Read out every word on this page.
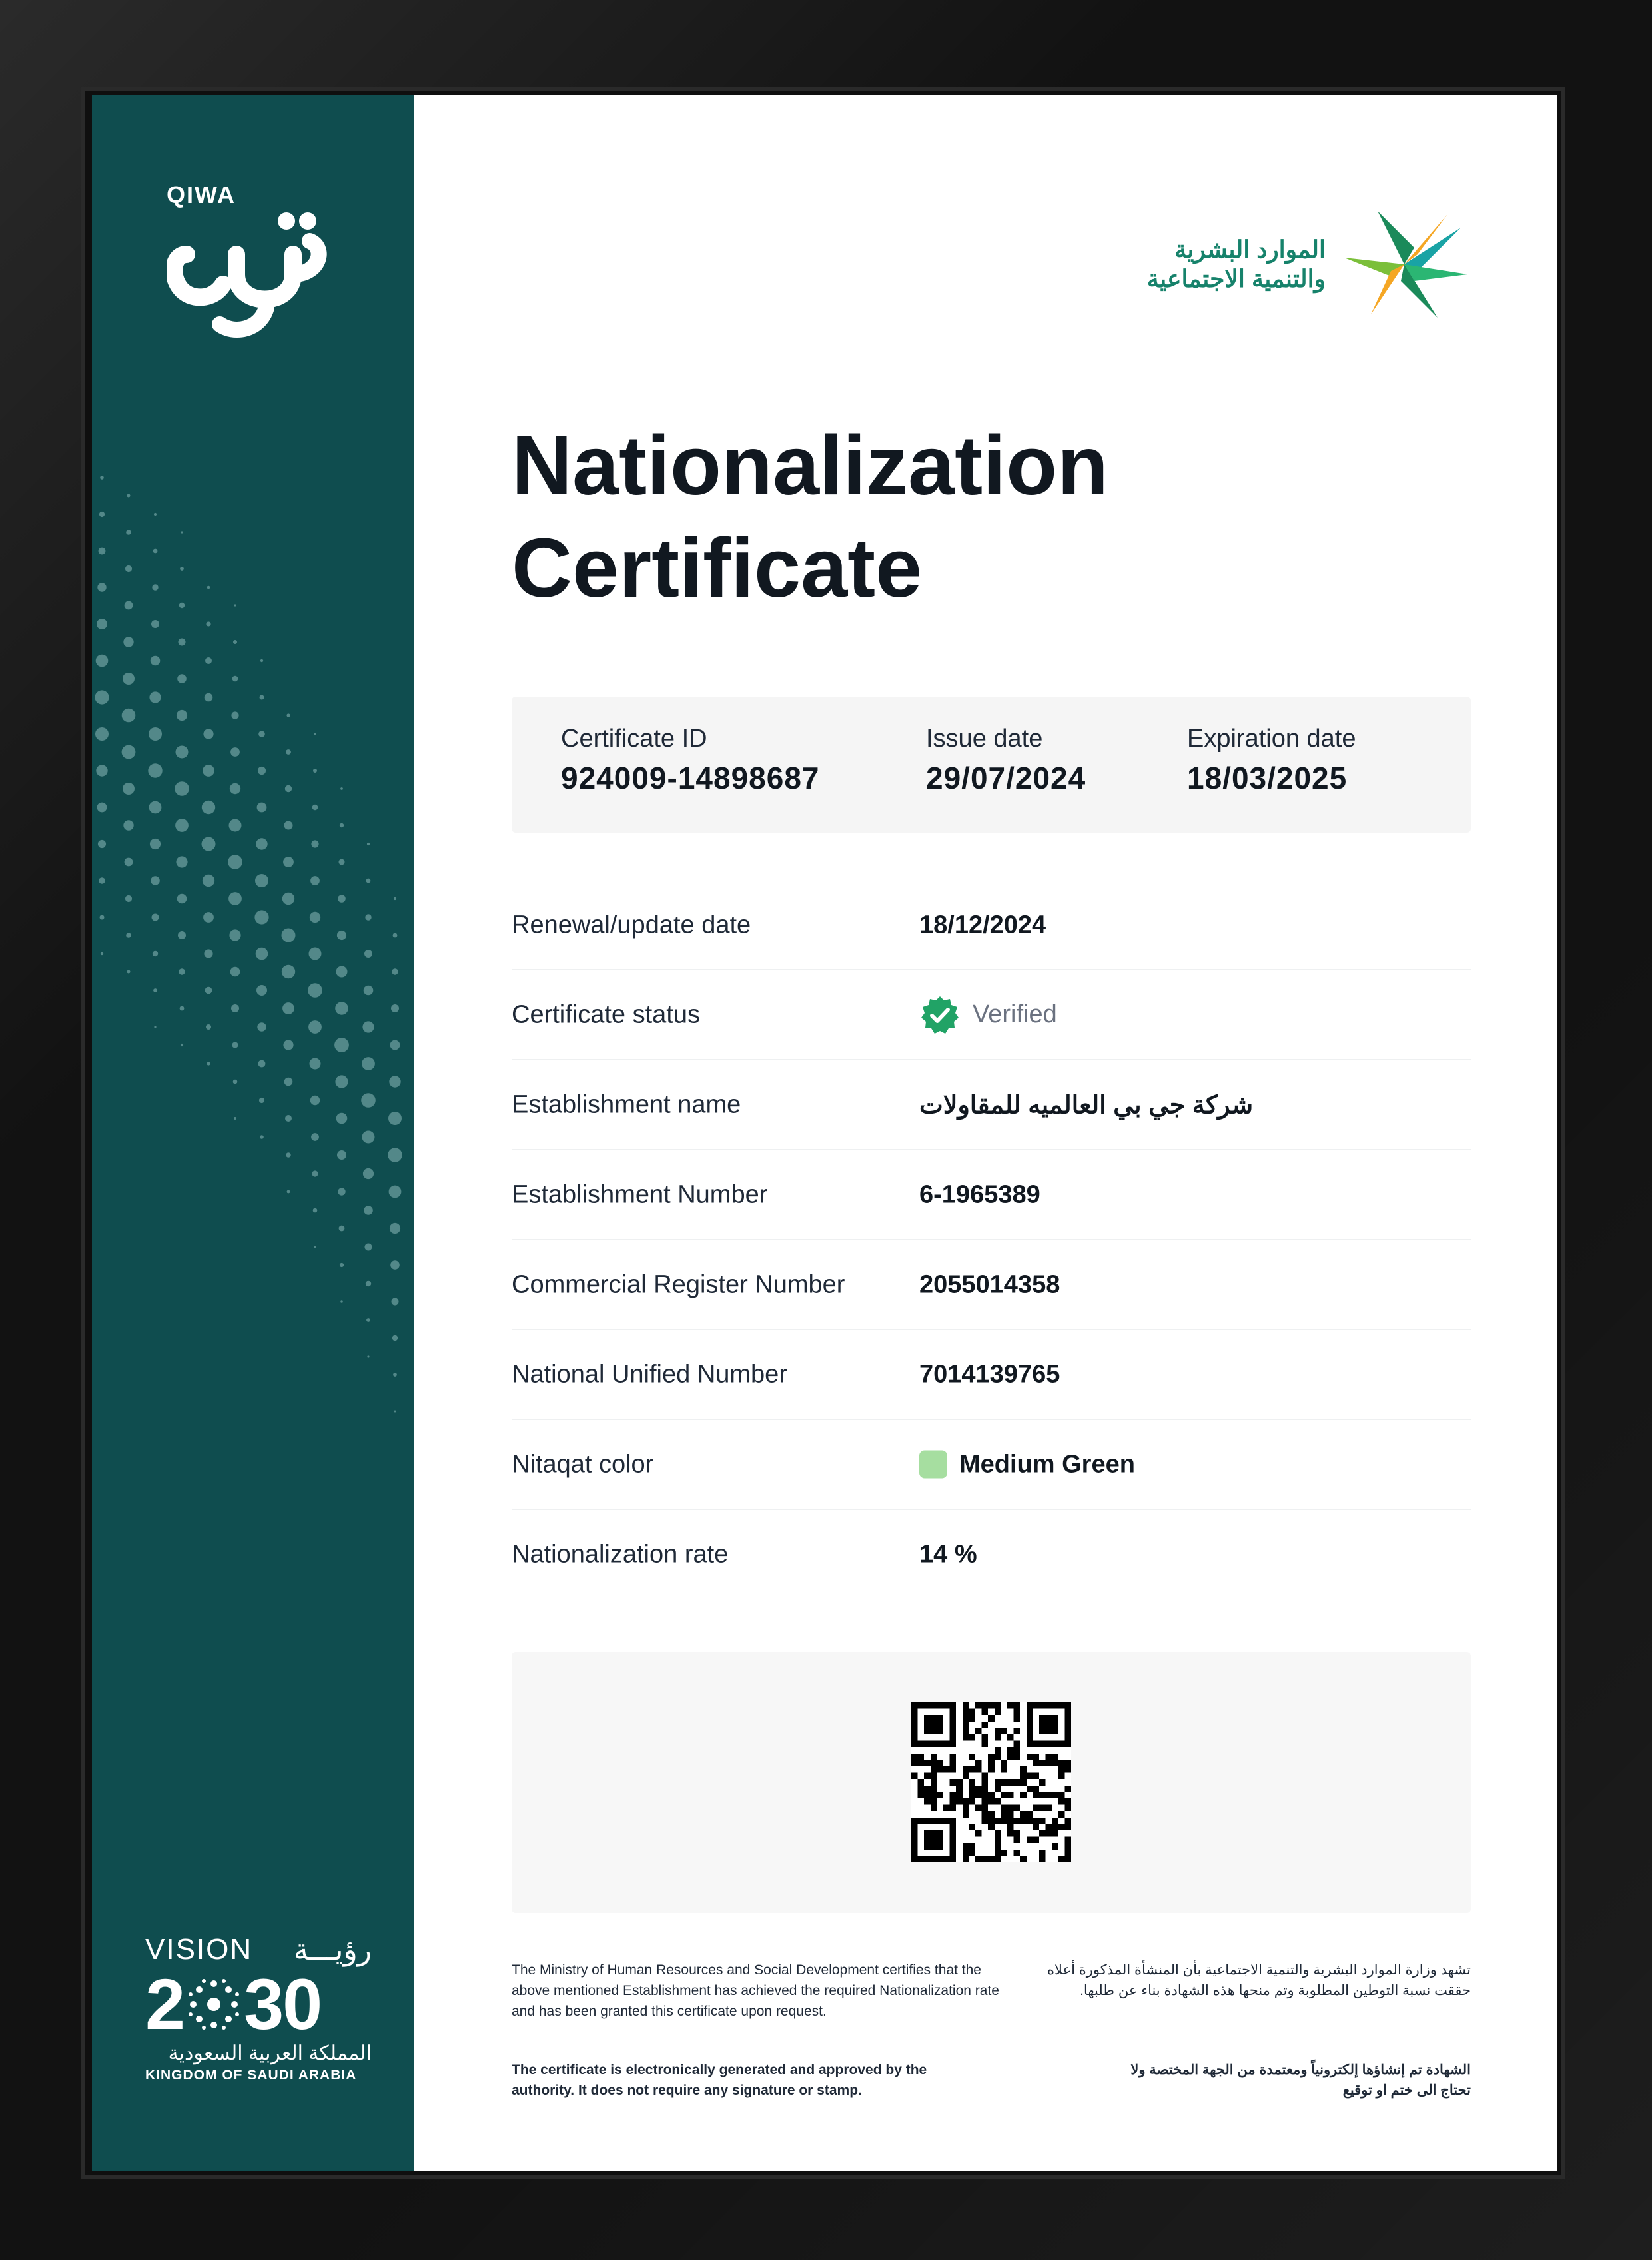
QIWA
VISION رؤيـــة
2 30
المملكة العربية السعودية
KINGDOM OF SAUDI ARABIA
الموارد البشرية
والتنمية الاجتماعية
Nationalization
Certificate
Certificate ID
924009-14898687
Issue date
29/07/2024
Expiration date
18/03/2025
Renewal/update date	18/12/2024
Certificate status	Verified
Establishment name	شركة جي بي العالميه للمقاولات
Establishment Number	6-1965389
Commercial Register Number	2055014358
National Unified Number	7014139765
Nitaqat color	Medium Green
Nationalization rate	14 %

The Ministry of Human Resources and Social Development certifies that the above mentioned Establishment has achieved the required Nationalization rate and has been granted this certificate upon request.

تشهد وزارة الموارد البشرية والتنمية الاجتماعية بأن المنشأة المذكورة أعلاه حققت نسبة التوطين المطلوبة وتم منحها هذه الشهادة بناء عن طلبها.

The certificate is electronically generated and approved by the authority. It does not require any signature or stamp.

الشهادة تم إنشاؤها إلكترونياً ومعتمدة من الجهة المختصة ولا تحتاج الى ختم او توقيع
